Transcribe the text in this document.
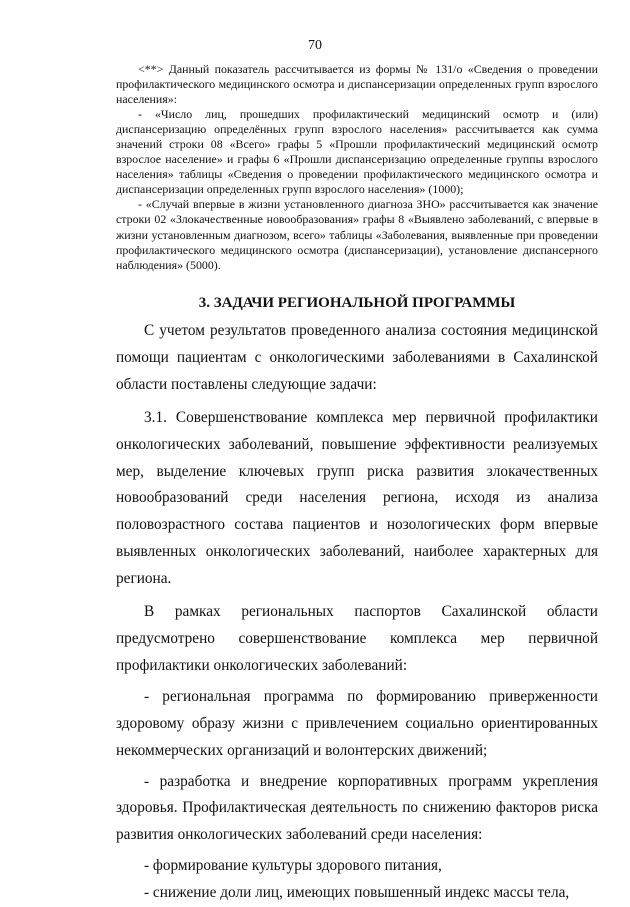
70

<**> Данный показатель рассчитывается из формы № 131/о «Сведения о проведении профилактического медицинского осмотра и диспансеризации определенных групп взрослого населения»:

- «Число лиц, прошедших профилактический медицинский осмотр и (или) диспансеризацию определённых групп взрослого населения» рассчитывается как сумма значений строки 08 «Всего» графы 5 «Прошли профилактический медицинский осмотр взрослое население» и графы 6 «Прошли диспансеризацию определенные группы взрослого населения» таблицы «Сведения о проведении профилактического медицинского осмотра и диспансеризации определенных групп взрослого населения» (1000);

- «Случай впервые в жизни установленного диагноза ЗНО» рассчитывается как значение строки 02 «Злокачественные новообразования» графы 8 «Выявлено заболеваний, с впервые в жизни установленным диагнозом, всего» таблицы «Заболевания, выявленные при проведении профилактического медицинского осмотра (диспансеризации), установление диспансерного наблюдения» (5000).

3. ЗАДАЧИ РЕГИОНАЛЬНОЙ ПРОГРАММЫ

С учетом результатов проведенного анализа состояния медицинской помощи пациентам с онкологическими заболеваниями в Сахалинской области поставлены следующие задачи:

3.1. Совершенствование комплекса мер первичной профилактики онкологических заболеваний, повышение эффективности реализуемых мер, выделение ключевых групп риска развития злокачественных новообразований среди населения региона, исходя из анализа половозрастного состава пациентов и нозологических форм впервые выявленных онкологических заболеваний, наиболее характерных для региона.

В рамках региональных паспортов Сахалинской области предусмотрено совершенствование комплекса мер первичной профилактики онкологических заболеваний:

- региональная программа по формированию приверженности здоровому образу жизни с привлечением социально ориентированных некоммерческих организаций и волонтерских движений;

- разработка и внедрение корпоративных программ укрепления здоровья. Профилактическая деятельность по снижению факторов риска развития онкологических заболеваний среди населения:

- формирование культуры здорового питания,

- снижение доли лиц, имеющих повышенный индекс массы тела,
